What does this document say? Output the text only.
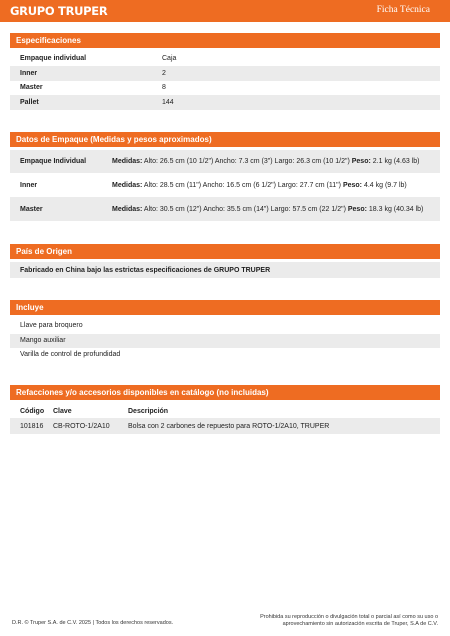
GRUPO TRUPER	Ficha Técnica
Especificaciones
Empaque individual	Caja
Inner	2
Master	8
Pallet	144
Datos de Empaque (Medidas y pesos aproximados)
Empaque Individual	Medidas: Alto: 26.5 cm (10 1/2") Ancho: 7.3 cm (3") Largo: 26.3 cm (10 1/2") Peso: 2.1 kg (4.63 lb)
Inner	Medidas: Alto: 28.5 cm (11") Ancho: 16.5 cm (6 1/2") Largo: 27.7 cm (11") Peso: 4.4 kg (9.7 lb)
Master	Medidas: Alto: 30.5 cm (12") Ancho: 35.5 cm (14") Largo: 57.5 cm (22 1/2") Peso: 18.3 kg (40.34 lb)
País de Origen
Fabricado en China bajo las estrictas especificaciones de GRUPO TRUPER
Incluye
Llave para broquero
Mango auxiliar
Varilla de control de profundidad
Refacciones y/o accesorios disponibles en catálogo (no incluidas)
Código	Clave	Descripción
101816	CB-ROTO-1/2A10	Bolsa con 2 carbones de repuesto para ROTO-1/2A10, TRUPER
D.R. © Truper S.A. de C.V. 2025 | Todos los derechos reservados.
Prohibida su reproducción o divulgación total o parcial así como su uso o aprovechamiento sin autorización escrita de Truper, S.A de C.V.
